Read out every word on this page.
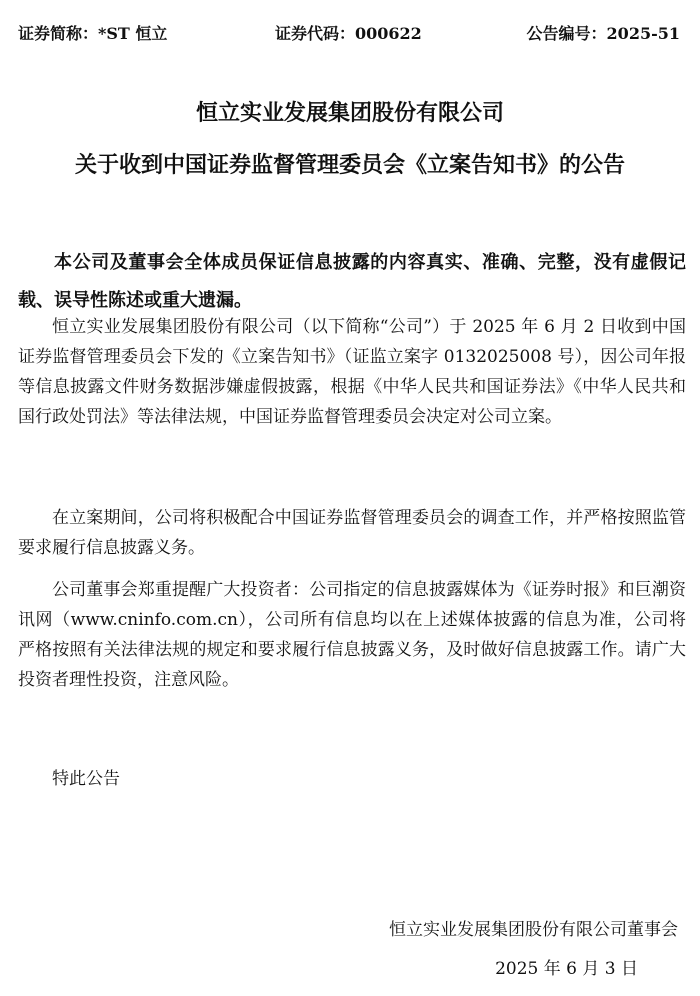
证券简称：*ST 恒立	证券代码：000622	公告编号：2025-51
恒立实业发展集团股份有限公司
关于收到中国证券监督管理委员会《立案告知书》的公告

本公司及董事会全体成员保证信息披露的内容真实、准确、完整，没有虚假记载、误导性陈述或重大遗漏。

恒立实业发展集团股份有限公司（以下简称“公司”）于 2025 年 6 月 2 日收到中国证券监督管理委员会下发的《立案告知书》（证监立案字 0132025008 号），因公司年报等信息披露文件财务数据涉嫌虚假披露，根据《中华人民共和国证券法》《中华人民共和国行政处罚法》等法律法规，中国证券监督管理委员会决定对公司立案。

在立案期间，公司将积极配合中国证券监督管理委员会的调查工作，并严格按照监管要求履行信息披露义务。

公司董事会郑重提醒广大投资者：公司指定的信息披露媒体为《证券时报》和巨潮资讯网（www.cninfo.com.cn），公司所有信息均以在上述媒体披露的信息为准，公司将严格按照有关法律法规的规定和要求履行信息披露义务，及时做好信息披露工作。请广大投资者理性投资，注意风险。

特此公告

恒立实业发展集团股份有限公司董事会
2025 年 6 月 3 日
